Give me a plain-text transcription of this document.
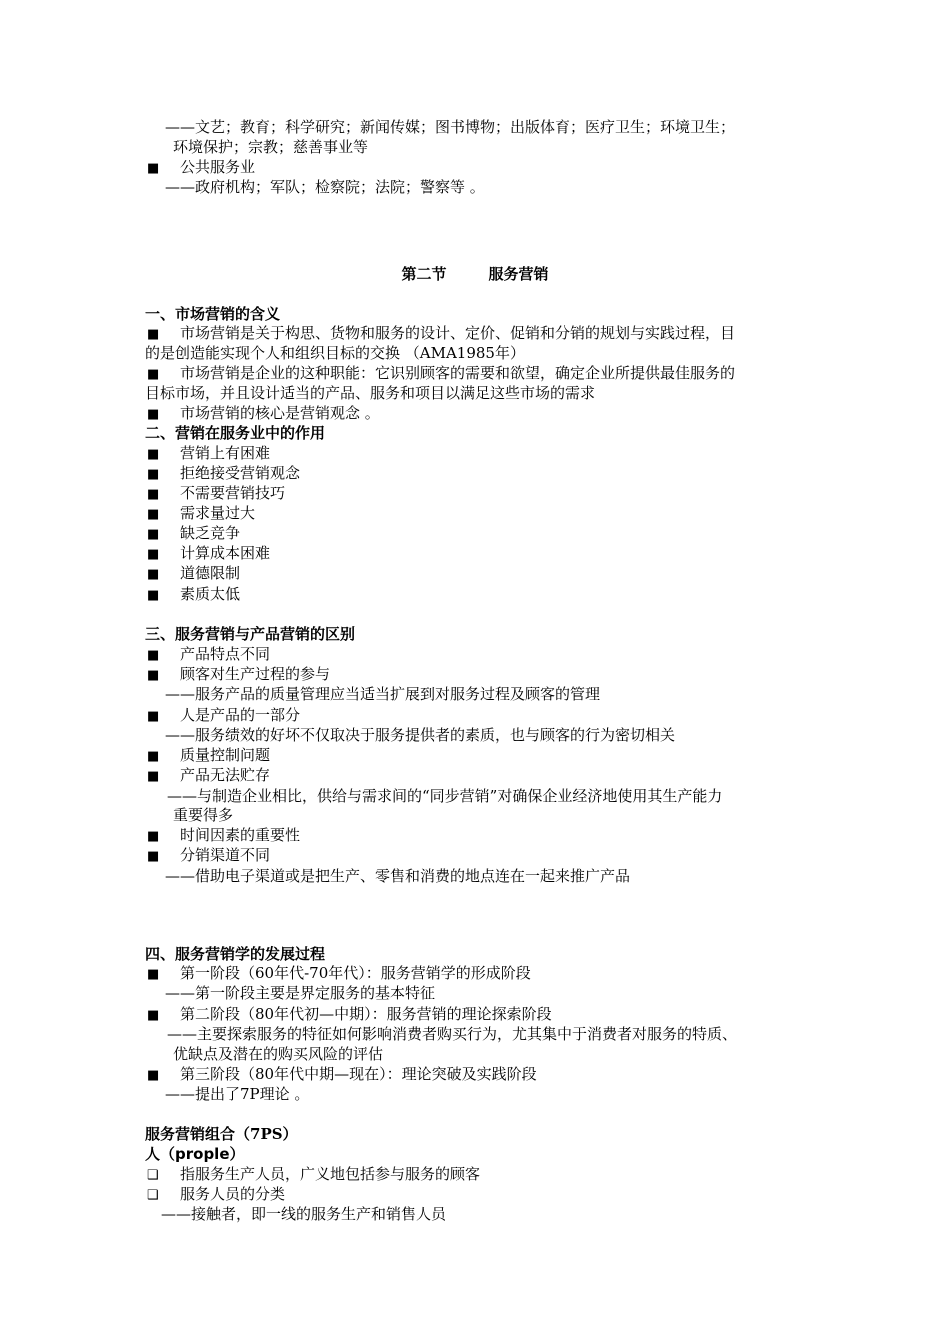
第二节	服务营销
——文艺；教育；科学研究；新闻传媒；图书博物；出版体育；医疗卫生；环境卫生；
环境保护；宗教；慈善事业等
■ 公共服务业
——政府机构；军队；检察院；法院；警察等 。
一、市场营销的含义
■ 市场营销是关于构思、货物和服务的设计、定价、促销和分销的规划与实践过程，目
的是创造能实现个人和组织目标的交换 （AMA1985年）
■ 市场营销是企业的这种职能：它识别顾客的需要和欲望，确定企业所提供最佳服务的
目标市场，并且设计适当的产品、服务和项目以满足这些市场的需求
■ 市场营销的核心是营销观念 。
二、营销在服务业中的作用
■ 营销上有困难
■ 拒绝接受营销观念
■ 不需要营销技巧
■ 需求量过大
■ 缺乏竞争
■ 计算成本困难
■ 道德限制
■ 素质太低
三、服务营销与产品营销的区别
■ 产品特点不同
■ 顾客对生产过程的参与
——服务产品的质量管理应当适当扩展到对服务过程及顾客的管理
■ 人是产品的一部分
——服务绩效的好坏不仅取决于服务提供者的素质，也与顾客的行为密切相关
■ 质量控制问题
■ 产品无法贮存
——与制造企业相比，供给与需求间的“同步营销”对确保企业经济地使用其生产能力
重要得多
■ 时间因素的重要性
■ 分销渠道不同
——借助电子渠道或是把生产、零售和消费的地点连在一起来推广产品
四、服务营销学的发展过程
■ 第一阶段（60年代-70年代）：服务营销学的形成阶段
——第一阶段主要是界定服务的基本特征
■ 第二阶段（80年代初—中期）：服务营销的理论探索阶段
——主要探索服务的特征如何影响消费者购买行为，尤其集中于消费者对服务的特质、
优缺点及潜在的购买风险的评估
■ 第三阶段（80年代中期—现在）：理论突破及实践阶段
——提出了7P理论 。
服务营销组合（7PS）
人（prople）
❑ 指服务生产人员，广义地包括参与服务的顾客
❑ 服务人员的分类
——接触者，即一线的服务生产和销售人员
